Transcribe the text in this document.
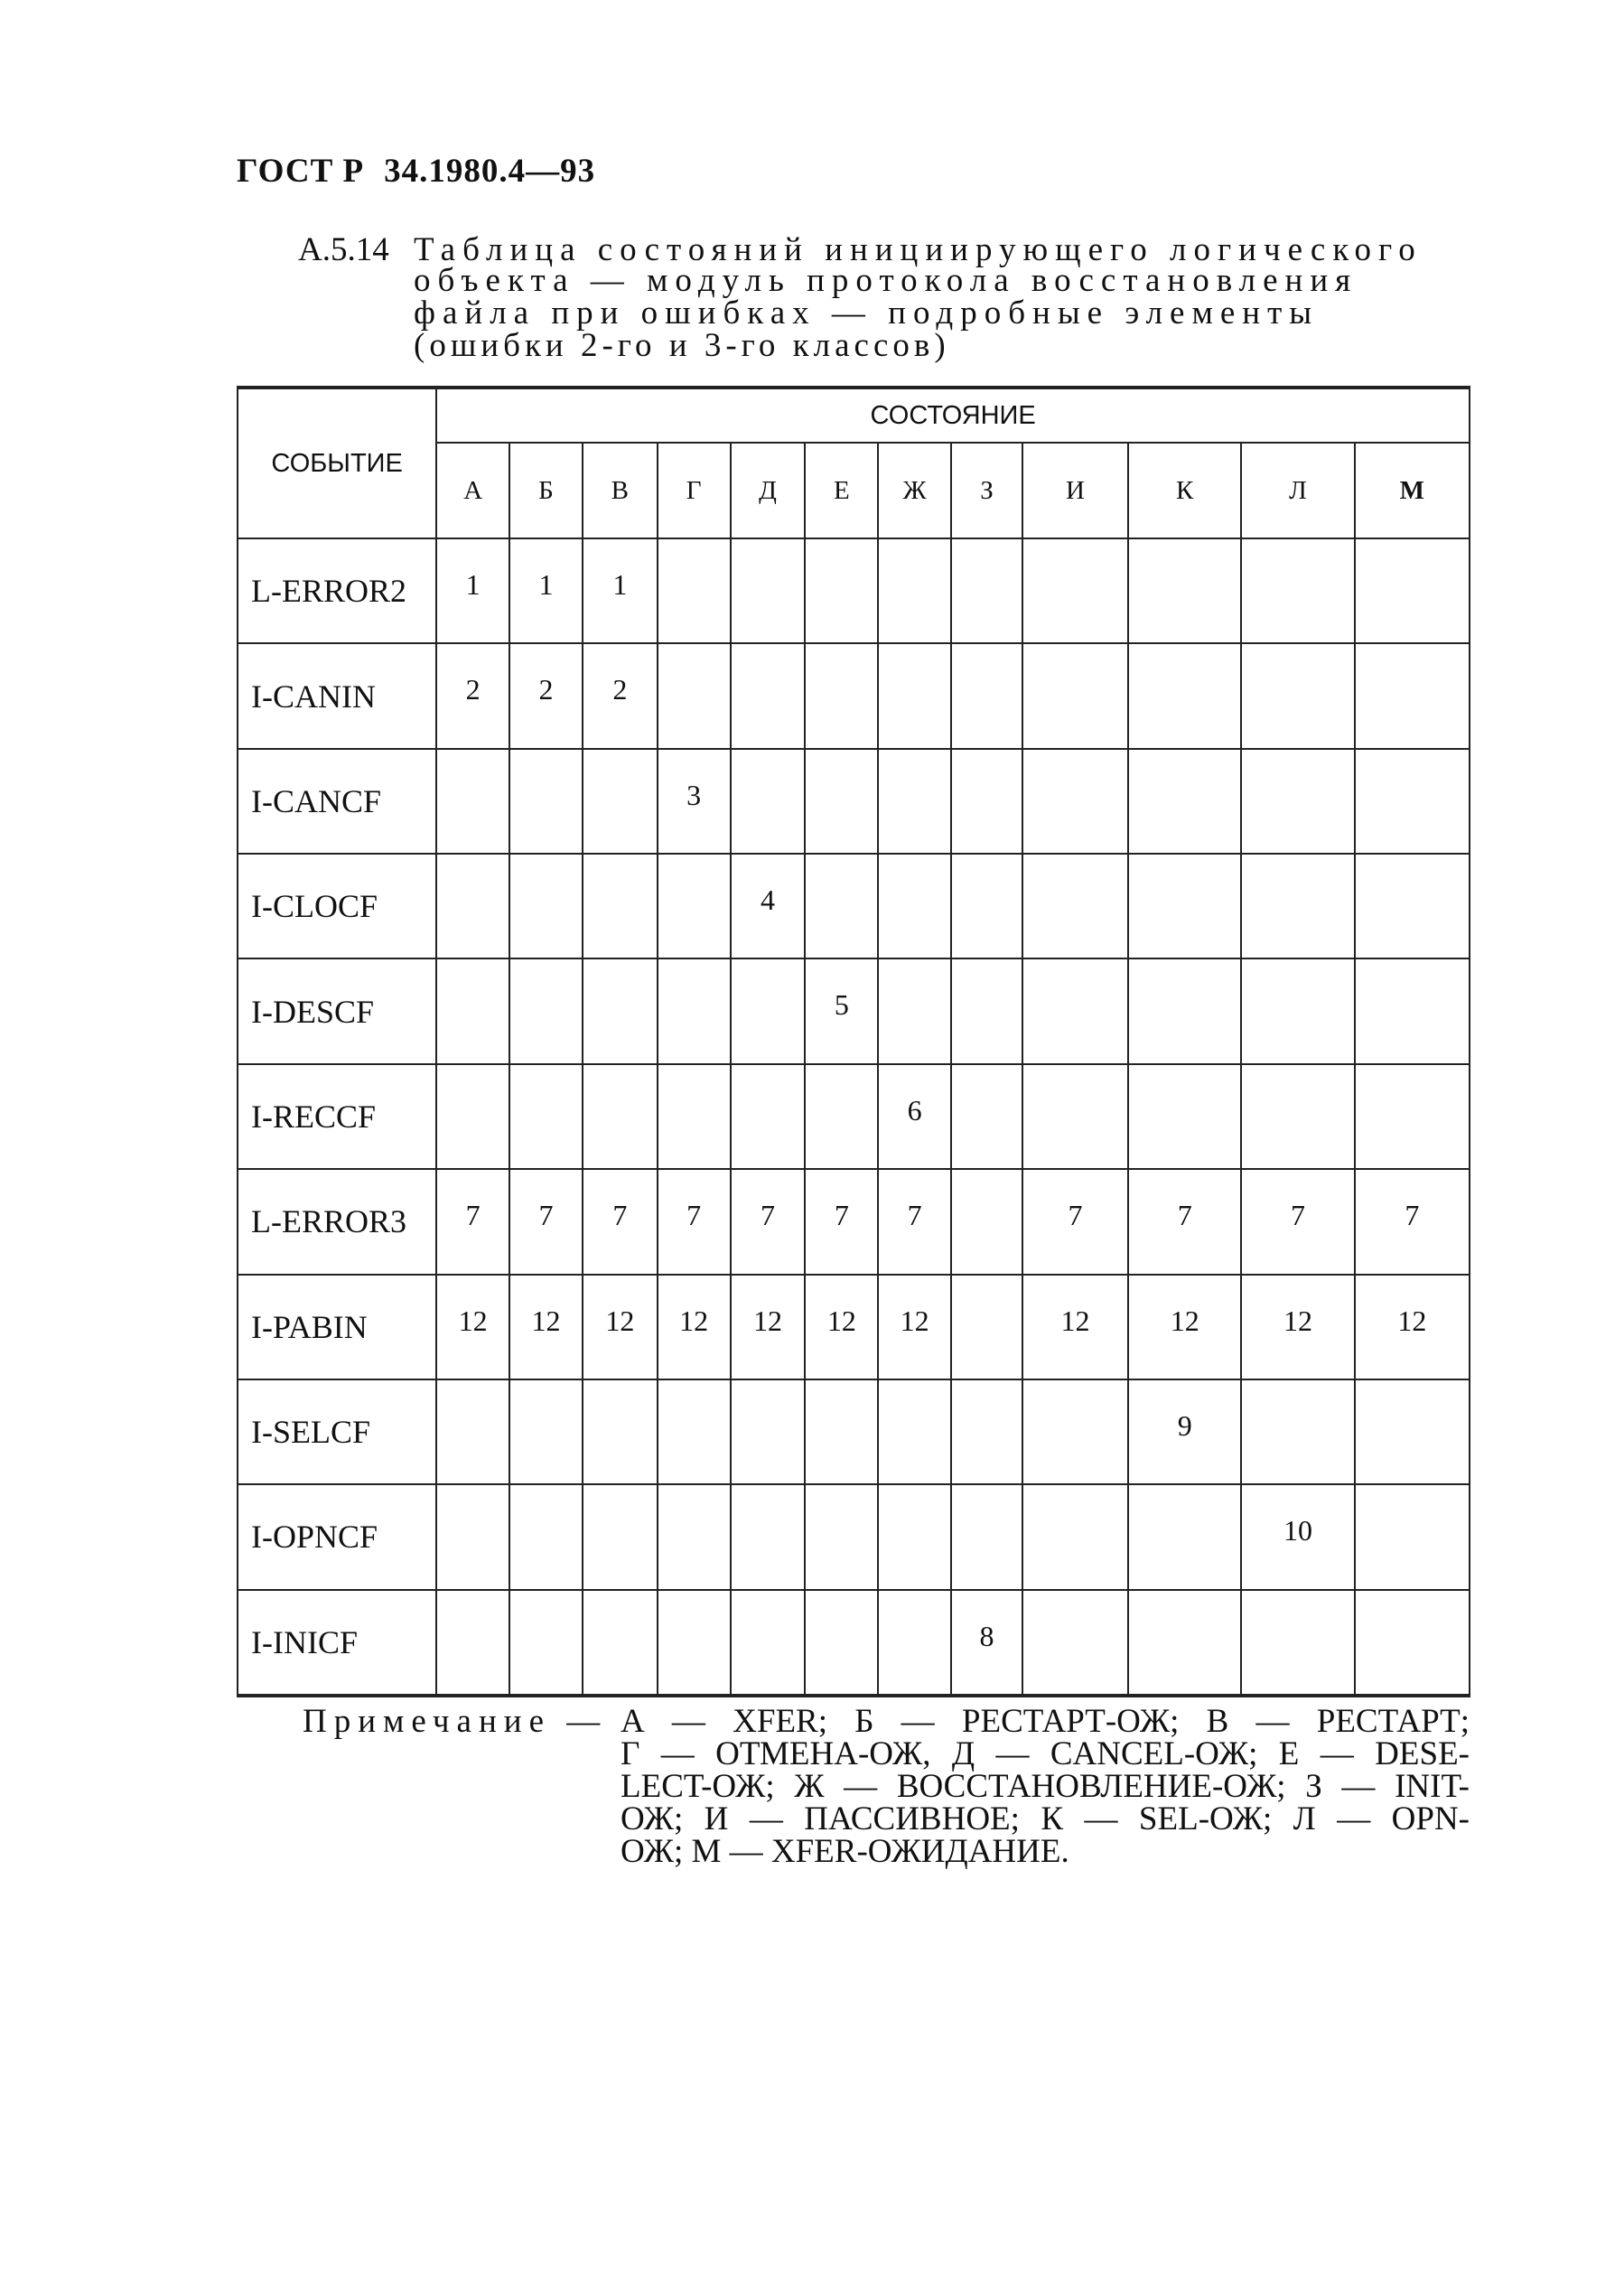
ГОСТ Р 34.1980.4—93
А.5.14 Таблица состояний инициирующего логического
объекта — модуль протокола восстановления
файла при ошибках — подробные элементы
(ошибки 2-го и 3-го классов)
СОБЫТИЕ	СОСТОЯНИЕ											
	А	Б	В	Г	Д	Е	Ж	З	И	К	Л	М
L-ERROR2	1	1	1									
I-CANIN	2	2	2									
I-CANCF				3								
I-CLOCF					4							
I-DESCF						5						
I-RECCF							6					
L-ERROR3	7	7	7	7	7	7	7		7	7	7	7
I-PABIN	12	12	12	12	12	12	12		12	12	12	12
I-SELCF										9		
I-OPNCF											10	
I-INICF								8				
Примечание — А — XFER; Б — РЕСТАРТ-ОЖ; В — РЕСТАРТ;
Г — ОТМЕНА-ОЖ, Д — CANCEL-ОЖ; Е — DESE-
LECT-ОЖ; Ж — ВОССТАНОВЛЕНИЕ-ОЖ; З — INIT-
ОЖ; И — ПАССИВНОЕ; К — SEL-ОЖ; Л — OPN-
ОЖ; М — XFER-ОЖИДАНИЕ.
